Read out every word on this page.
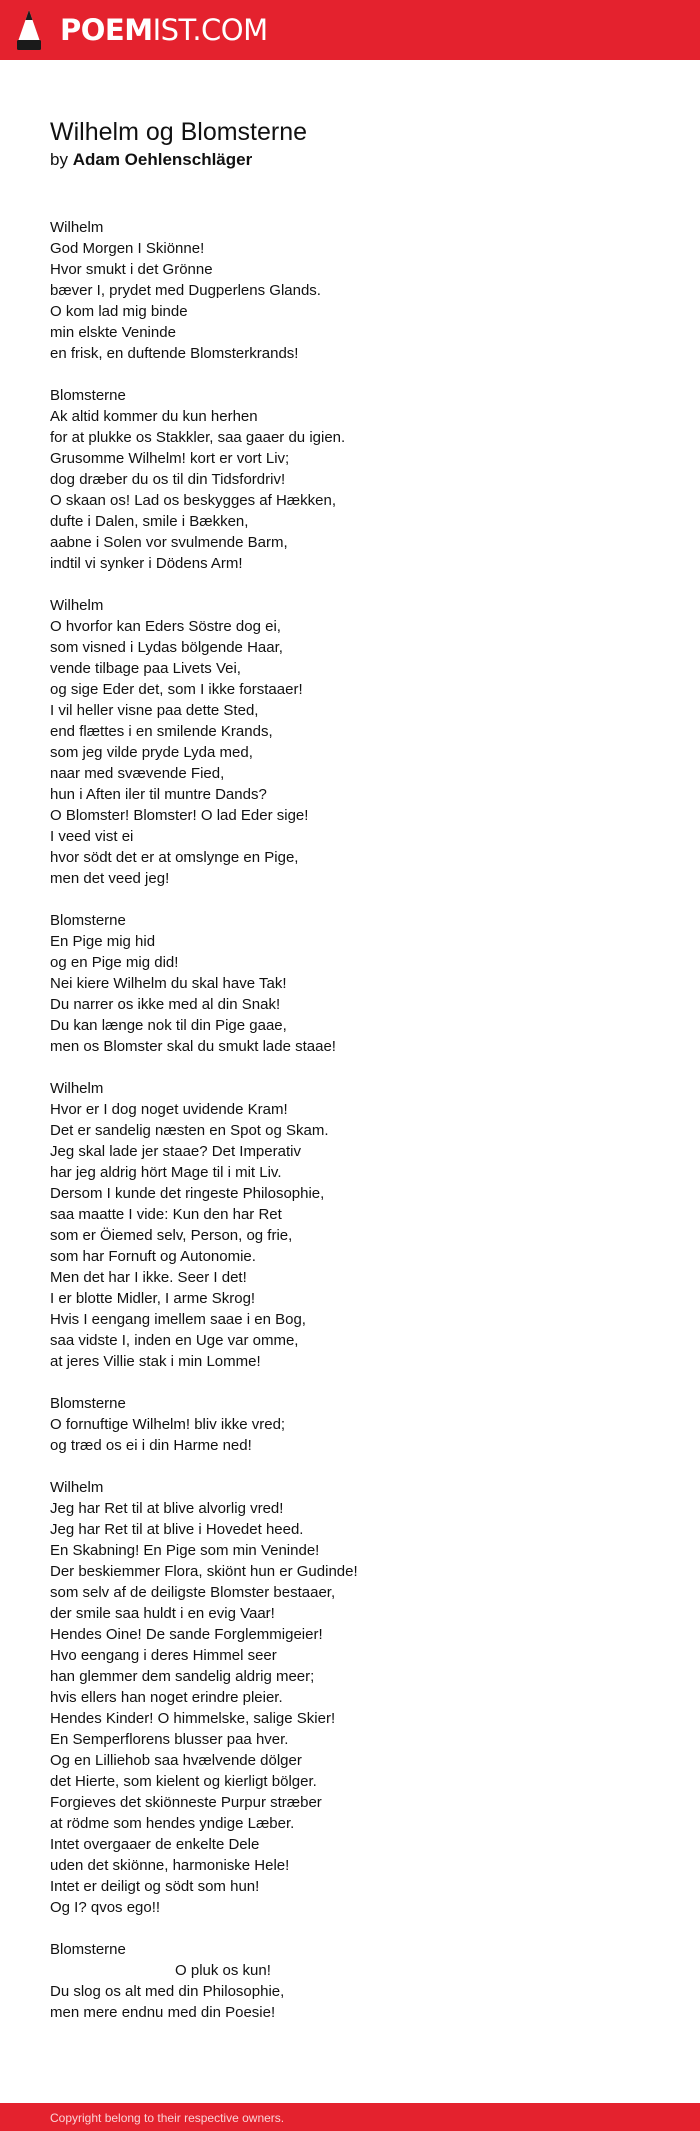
POEMIST.COM
Wilhelm og Blomsterne
by Adam Oehlenschläger
Wilhelm
God Morgen I Skiönne!
Hvor smukt i det Grönne
bæver I, prydet med Dugperlens Glands.
O kom lad mig binde
min elskte Veninde
en frisk, en duftende Blomsterkrands!
Blomsterne
Ak altid kommer du kun herhen
for at plukke os Stakkler, saa gaaer du igien.
Grusomme Wilhelm! kort er vort Liv;
dog dræber du os til din Tidsfordriv!
O skaan os! Lad os beskygges af Hækken,
dufte i Dalen, smile i Bækken,
aabne i Solen vor svulmende Barm,
indtil vi synker i Dödens Arm!
Wilhelm
O hvorfor kan Eders Söstre dog ei,
som visned i Lydas bölgende Haar,
vende tilbage paa Livets Vei,
og sige Eder det, som I ikke forstaaer!
I vil heller visne paa dette Sted,
end flættes i en smilende Krands,
som jeg vilde pryde Lyda med,
naar med svævende Fied,
hun i Aften iler til muntre Dands?
O Blomster! Blomster! O lad Eder sige!
I veed vist ei
hvor södt det er at omslynge en Pige,
men det veed jeg!
Blomsterne
En Pige mig hid
og en Pige mig did!
Nei kiere Wilhelm du skal have Tak!
Du narrer os ikke med al din Snak!
Du kan længe nok til din Pige gaae,
men os Blomster skal du smukt lade staae!
Wilhelm
Hvor er I dog noget uvidende Kram!
Det er sandelig næsten en Spot og Skam.
Jeg skal lade jer staae? Det Imperativ
har jeg aldrig hört Mage til i mit Liv.
Dersom I kunde det ringeste Philosophie,
saa maatte I vide: Kun den har Ret
som er Öiemed selv, Person, og frie,
som har Fornuft og Autonomie.
Men det har I ikke. Seer I det!
I er blotte Midler, I arme Skrog!
Hvis I eengang imellem saae i en Bog,
saa vidste I, inden en Uge var omme,
at jeres Villie stak i min Lomme!
Blomsterne
O fornuftige Wilhelm! bliv ikke vred;
og træd os ei i din Harme ned!
Wilhelm
Jeg har Ret til at blive alvorlig vred!
Jeg har Ret til at blive i Hovedet heed.
En Skabning! En Pige som min Veninde!
Der beskiemmer Flora, skiönt hun er Gudinde!
som selv af de deiligste Blomster bestaaer,
der smile saa huldt i en evig Vaar!
Hendes Oine! De sande Forglemmigeier!
Hvo eengang i deres Himmel seer
han glemmer dem sandelig aldrig meer;
hvis ellers han noget erindre pleier.
Hendes Kinder! O himmelske, salige Skier!
En Semperflorens blusser paa hver.
Og en Lilliehob saa hvælvende dölger
det Hierte, som kielent og kierligt bölger.
Forgieves det skiönneste Purpur stræber
at rödme som hendes yndige Læber.
Intet overgaaer de enkelte Dele
uden det skiönne, harmoniske Hele!
Intet er deiligt og södt som hun!
Og I? qvos ego!!
Blomsterne
O pluk os kun!
Du slog os alt med din Philosophie,
men mere endnu med din Poesie!
Copyright belong to their respective owners.
